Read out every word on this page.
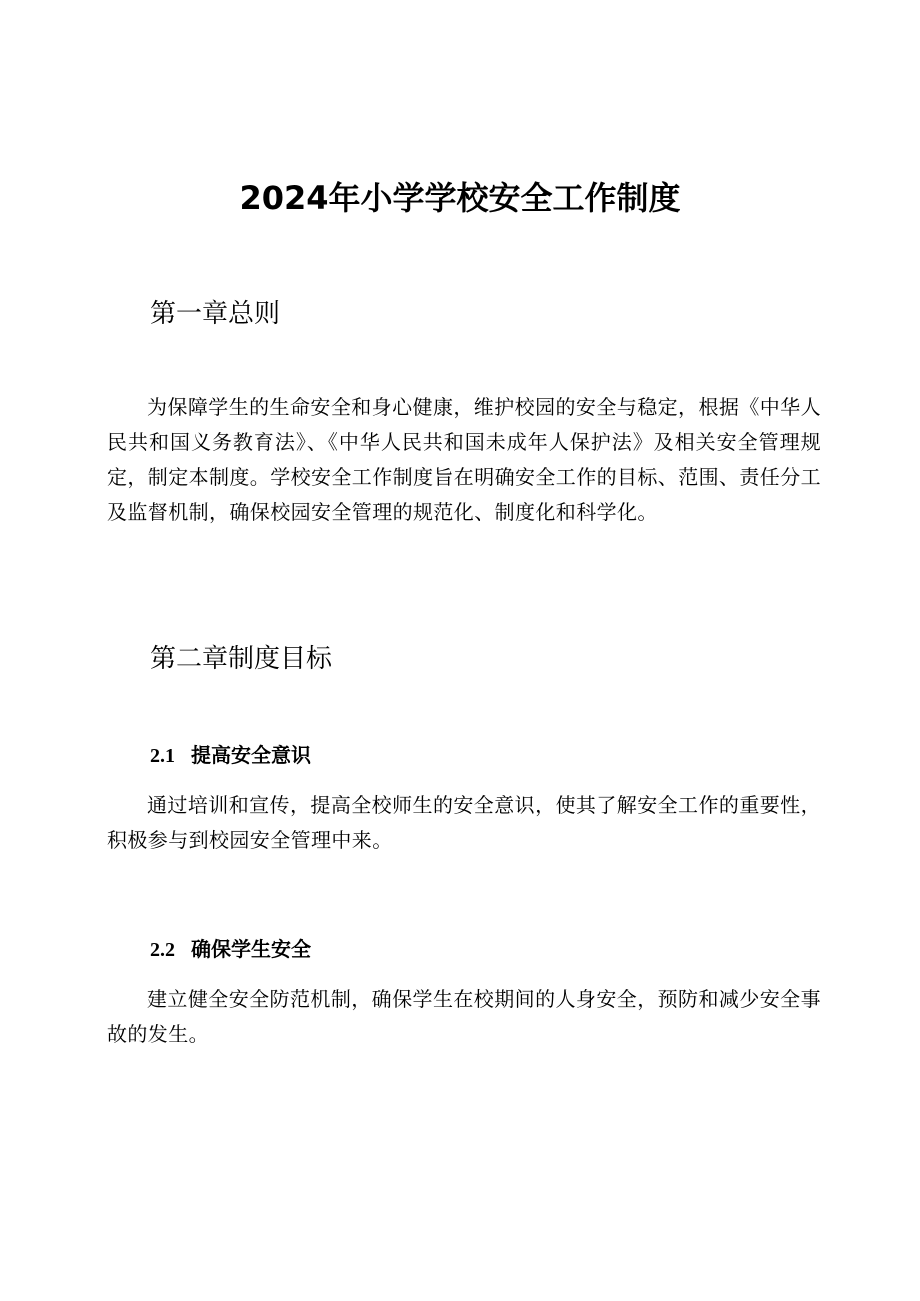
2024年小学学校安全工作制度
第一章总则

为保障学生的生命安全和身心健康，维护校园的安全与稳定，根据《中华人民共和国义务教育法》、《中华人民共和国未成年人保护法》及相关安全管理规定，制定本制度。学校安全工作制度旨在明确安全工作的目标、范围、责任分工及监督机制，确保校园安全管理的规范化、制度化和科学化。

第二章制度目标
2.1 提高安全意识

通过培训和宣传，提高全校师生的安全意识，使其了解安全工作的重要性，积极参与到校园安全管理中来。

2.2 确保学生安全

建立健全安全防范机制，确保学生在校期间的人身安全，预防和减少安全事故的发生。
